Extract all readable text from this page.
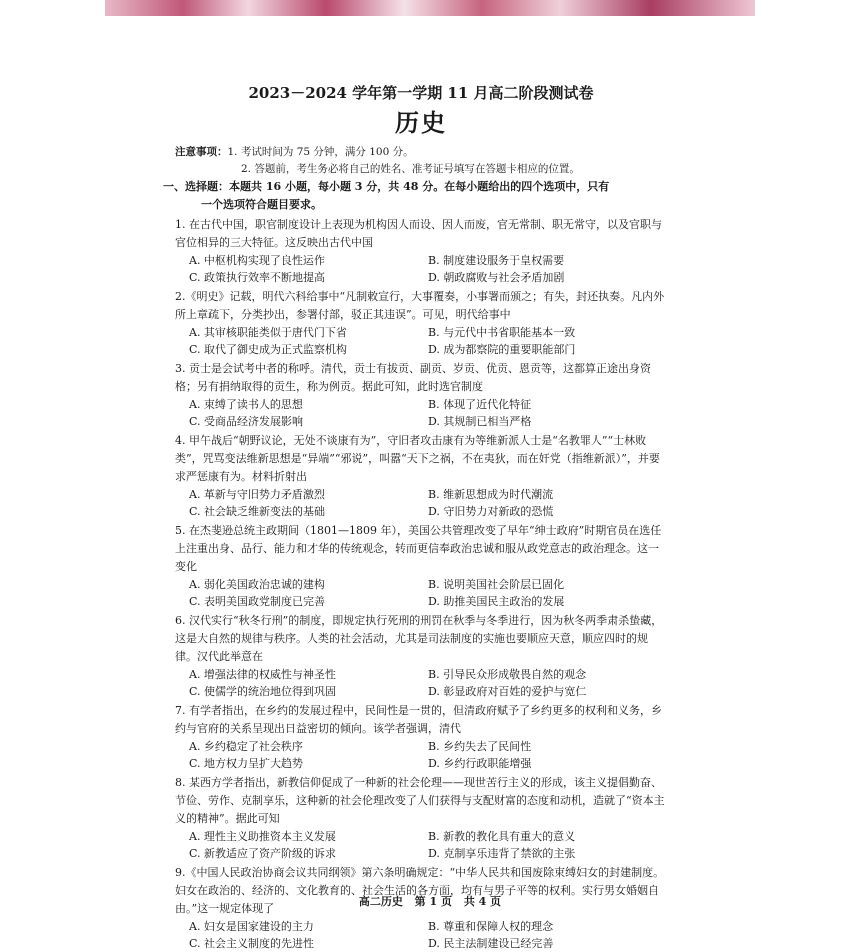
2023－2024 学年第一学期 11 月高二阶段测试卷
历史
注意事项：1. 考试时间为 75 分钟，满分 100 分。
2. 答题前，考生务必将自己的姓名、准考证号填写在答题卡相应的位置。
一、选择题：本题共 16 小题，每小题 3 分，共 48 分。在每小题给出的四个选项中，只有
一个选项符合题目要求。
1. 在古代中国，职官制度设计上表现为机构因人而设、因人而废，官无常制、职无常守，以及官职与官位相异的三大特征。这反映出古代中国
A. 中枢机构实现了良性运作	B. 制度建设服务于皇权需要
C. 政策执行效率不断地提高	D. 朝政腐败与社会矛盾加剧
2.《明史》记载，明代六科给事中“凡制敕宣行，大事覆奏，小事署而颁之；有失，封还执奏。凡内外所上章疏下，分类抄出，参署付部，驳正其违误”。可见，明代给事中
A. 其审核职能类似于唐代门下省	B. 与元代中书省职能基本一致
C. 取代了御史成为正式监察机构	D. 成为都察院的重要职能部门
3. 贡士是会试考中者的称呼。清代，贡士有拔贡、副贡、岁贡、优贡、恩贡等，这都算正途出身资格；另有捐纳取得的贡生，称为例贡。据此可知，此时选官制度
A. 束缚了读书人的思想	B. 体现了近代化特征
C. 受商品经济发展影响	D. 其规制已相当严格
4. 甲午战后“朝野议论，无处不谈康有为”，守旧者攻击康有为等维新派人士是“名教罪人”“士林败类”，咒骂变法维新思想是“异端”“邪说”，叫嚣“天下之祸，不在夷狄，而在奸党（指维新派）”，并要求严惩康有为。材料折射出
A. 革新与守旧势力矛盾激烈	B. 维新思想成为时代潮流
C. 社会缺乏维新变法的基础	D. 守旧势力对新政的恐慌
5. 在杰斐逊总统主政期间（1801—1809 年），美国公共管理改变了早年“绅士政府”时期官员在选任上注重出身、品行、能力和才华的传统观念，转而更信奉政治忠诚和服从政党意志的政治理念。这一变化
A. 弱化美国政治忠诚的建构	B. 说明美国社会阶层已固化
C. 表明美国政党制度已完善	D. 助推美国民主政治的发展
6. 汉代实行“秋冬行刑”的制度，即规定执行死刑的刑罚在秋季与冬季进行，因为秋冬两季肃杀蛰藏，这是大自然的规律与秩序。人类的社会活动，尤其是司法制度的实施也要顺应天意，顺应四时的规律。汉代此举意在
A. 增强法律的权威性与神圣性	B. 引导民众形成敬畏自然的观念
C. 使儒学的统治地位得到巩固	D. 彰显政府对百姓的爱护与宽仁
7. 有学者指出，在乡约的发展过程中，民间性是一贯的，但清政府赋予了乡约更多的权利和义务，乡约与官府的关系呈现出日益密切的倾向。该学者强调，清代
A. 乡约稳定了社会秩序	B. 乡约失去了民间性
C. 地方权力呈扩大趋势	D. 乡约行政职能增强
8. 某西方学者指出，新教信仰促成了一种新的社会伦理——现世苦行主义的形成，该主义提倡勤奋、节俭、劳作、克制享乐，这种新的社会伦理改变了人们获得与支配财富的态度和动机，造就了“资本主义的精神”。据此可知
A. 理性主义助推资本主义发展	B. 新教的教化具有重大的意义
C. 新教适应了资产阶级的诉求	D. 克制享乐违背了禁欲的主张
9.《中国人民政治协商会议共同纲领》第六条明确规定：“中华人民共和国废除束缚妇女的封建制度。妇女在政治的、经济的、文化教育的、社会生活的各方面，均有与男子平等的权利。实行男女婚姻自由。”这一规定体现了
A. 妇女是国家建设的主力	B. 尊重和保障人权的理念
C. 社会主义制度的先进性	D. 民主法制建设已经完善
高二历史 第 1 页 共 4 页
